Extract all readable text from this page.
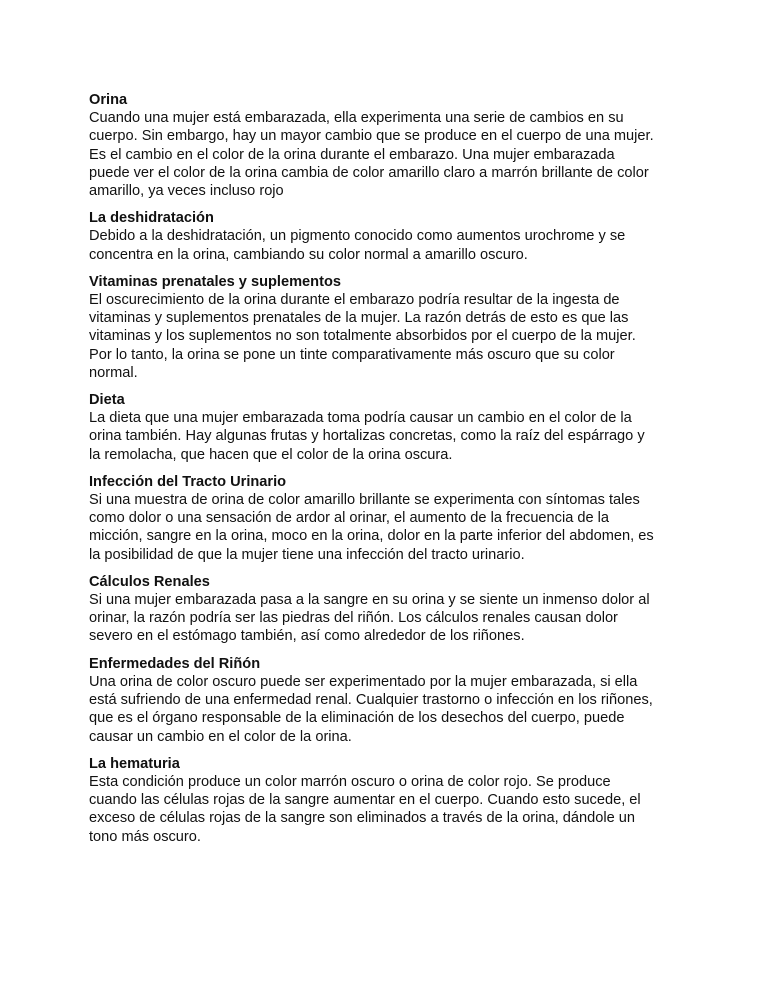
Orina

Cuando una mujer está embarazada, ella experimenta una serie de cambios en su
cuerpo. Sin embargo, hay un mayor cambio que se produce en el cuerpo de una mujer.
Es el cambio en el color de la orina durante el embarazo. Una mujer embarazada
puede ver el color de la orina cambia de color amarillo claro a marrón brillante de color
amarillo, ya veces incluso rojo

La deshidratación

Debido a la deshidratación, un pigmento conocido como aumentos urochrome y se
concentra en la orina, cambiando su color normal a amarillo oscuro.

Vitaminas prenatales y suplementos

El oscurecimiento de la orina durante el embarazo podría resultar de la ingesta de
vitaminas y suplementos prenatales de la mujer. La razón detrás de esto es que las
vitaminas y los suplementos no son totalmente absorbidos por el cuerpo de la mujer.
Por lo tanto, la orina se pone un tinte comparativamente más oscuro que su color
normal.

Dieta

La dieta que una mujer embarazada toma podría causar un cambio en el color de la
orina también. Hay algunas frutas y hortalizas concretas, como la raíz del espárrago y
la remolacha, que hacen que el color de la orina oscura.

Infección del Tracto Urinario

Si una muestra de orina de color amarillo brillante se experimenta con síntomas tales
como dolor o una sensación de ardor al orinar, el aumento de la frecuencia de la
micción, sangre en la orina, moco en la orina, dolor en la parte inferior del abdomen, es
la posibilidad de que la mujer tiene una infección del tracto urinario.

Cálculos Renales

Si una mujer embarazada pasa a la sangre en su orina y se siente un inmenso dolor al
orinar, la razón podría ser las piedras del riñón. Los cálculos renales causan dolor
severo en el estómago también, así como alrededor de los riñones.

Enfermedades del Riñón

Una orina de color oscuro puede ser experimentado por la mujer embarazada, si ella
está sufriendo de una enfermedad renal. Cualquier trastorno o infección en los riñones,
que es el órgano responsable de la eliminación de los desechos del cuerpo, puede
causar un cambio en el color de la orina.

La hematuria

Esta condición produce un color marrón oscuro o orina de color rojo. Se produce
cuando las células rojas de la sangre aumentar en el cuerpo. Cuando esto sucede, el
exceso de células rojas de la sangre son eliminados a través de la orina, dándole un
tono más oscuro.
